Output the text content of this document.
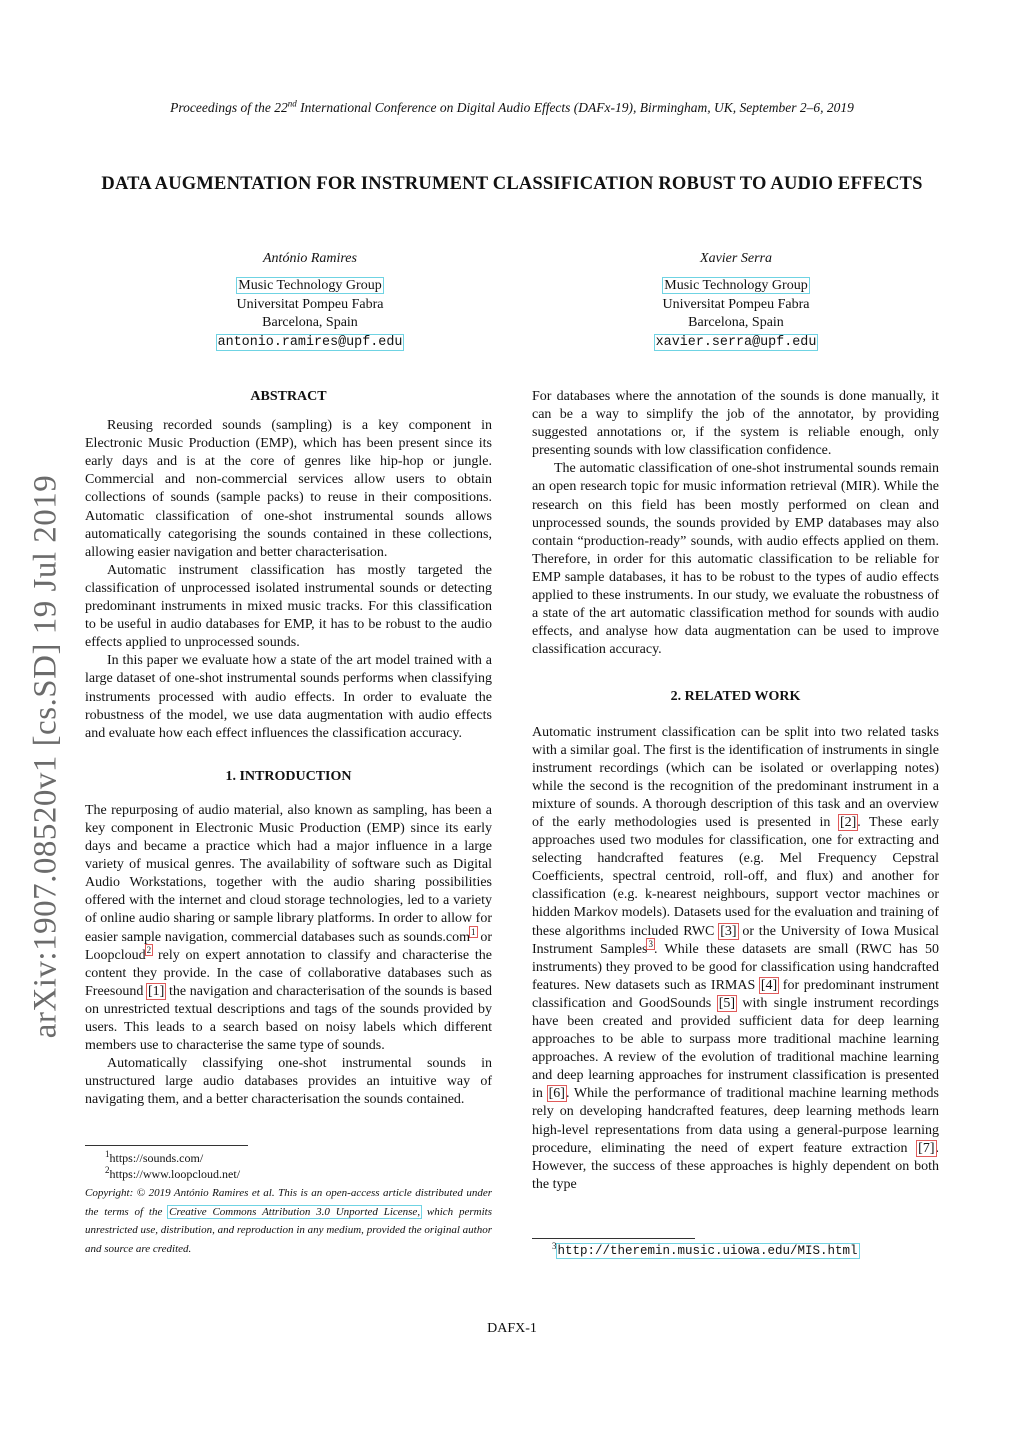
Proceedings of the 22nd International Conference on Digital Audio Effects (DAFx-19), Birmingham, UK, September 2–6, 2019
DATA AUGMENTATION FOR INSTRUMENT CLASSIFICATION ROBUST TO AUDIO EFFECTS
António Ramires
Music Technology Group
Universitat Pompeu Fabra
Barcelona, Spain
antonio.ramires@upf.edu
Xavier Serra
Music Technology Group
Universitat Pompeu Fabra
Barcelona, Spain
xavier.serra@upf.edu
arXiv:1907.08520v1 [cs.SD] 19 Jul 2019
ABSTRACT

Reusing recorded sounds (sampling) is a key component in Electronic Music Production (EMP), which has been present since its early days and is at the core of genres like hip-hop or jungle. Commercial and non-commercial services allow users to obtain collections of sounds (sample packs) to reuse in their compositions. Automatic classification of one-shot instrumental sounds allows automatically categorising the sounds contained in these collections, allowing easier navigation and better characterisation.

Automatic instrument classification has mostly targeted the classification of unprocessed isolated instrumental sounds or detecting predominant instruments in mixed music tracks. For this classification to be useful in audio databases for EMP, it has to be robust to the audio effects applied to unprocessed sounds.

In this paper we evaluate how a state of the art model trained with a large dataset of one-shot instrumental sounds performs when classifying instruments processed with audio effects. In order to evaluate the robustness of the model, we use data augmentation with audio effects and evaluate how each effect influences the classification accuracy.

1. INTRODUCTION

The repurposing of audio material, also known as sampling, has been a key component in Electronic Music Production (EMP) since its early days and became a practice which had a major influence in a large variety of musical genres. The availability of software such as Digital Audio Workstations, together with the audio sharing possibilities offered with the internet and cloud storage technologies, led to a variety of online audio sharing or sample library platforms. In order to allow for easier sample navigation, commercial databases such as sounds.com$^1$ or Loopcloud$^2$ rely on expert annotation to classify and characterise the content they provide. In the case of collaborative databases such as Freesound [1] the navigation and characterisation of the sounds is based on unrestricted textual descriptions and tags of the sounds provided by users. This leads to a search based on noisy labels which different members use to characterise the same type of sounds.

Automatically classifying one-shot instrumental sounds in unstructured large audio databases provides an intuitive way of navigating them, and a better characterisation the sounds contained.

$^1$https://sounds.com/
$^2$https://www.loopcloud.net/
Copyright: © 2019 António Ramires et al. This is an open-access article distributed under the terms of the Creative Commons Attribution 3.0 Unported License, which permits unrestricted use, distribution, and reproduction in any medium, provided the original author and source are credited.

For databases where the annotation of the sounds is done manually, it can be a way to simplify the job of the annotator, by providing suggested annotations or, if the system is reliable enough, only presenting sounds with low classification confidence.

The automatic classification of one-shot instrumental sounds remain an open research topic for music information retrieval (MIR). While the research on this field has been mostly performed on clean and unprocessed sounds, the sounds provided by EMP databases may also contain “production-ready” sounds, with audio effects applied on them. Therefore, in order for this automatic classification to be reliable for EMP sample databases, it has to be robust to the types of audio effects applied to these instruments. In our study, we evaluate the robustness of a state of the art automatic classification method for sounds with audio effects, and analyse how data augmentation can be used to improve classification accuracy.

2. RELATED WORK

Automatic instrument classification can be split into two related tasks with a similar goal. The first is the identification of instruments in single instrument recordings (which can be isolated or overlapping notes) while the second is the recognition of the predominant instrument in a mixture of sounds. A thorough description of this task and an overview of the early methodologies used is presented in [2]. These early approaches used two modules for classification, one for extracting and selecting handcrafted features (e.g. Mel Frequency Cepstral Coefficients, spectral centroid, roll-off, and flux) and another for classification (e.g. k-nearest neighbours, support vector machines or hidden Markov models). Datasets used for the evaluation and training of these algorithms included RWC [3] or the University of Iowa Musical Instrument Samples$^3$. While these datasets are small (RWC has 50 instruments) they proved to be good for classification using handcrafted features. New datasets such as IRMAS [4] for predominant instrument classification and GoodSounds [5] with single instrument recordings have been created and provided sufficient data for deep learning approaches to be able to surpass more traditional machine learning approaches. A review of the evolution of traditional machine learning and deep learning approaches for instrument classification is presented in [6]. While the performance of traditional machine learning methods rely on developing handcrafted features, deep learning methods learn high-level representations from data using a general-purpose learning procedure, eliminating the need of expert feature extraction [7]. However, the success of these approaches is highly dependent on both the type

$^3$http://theremin.music.uiowa.edu/MIS.html
DAFX-1
